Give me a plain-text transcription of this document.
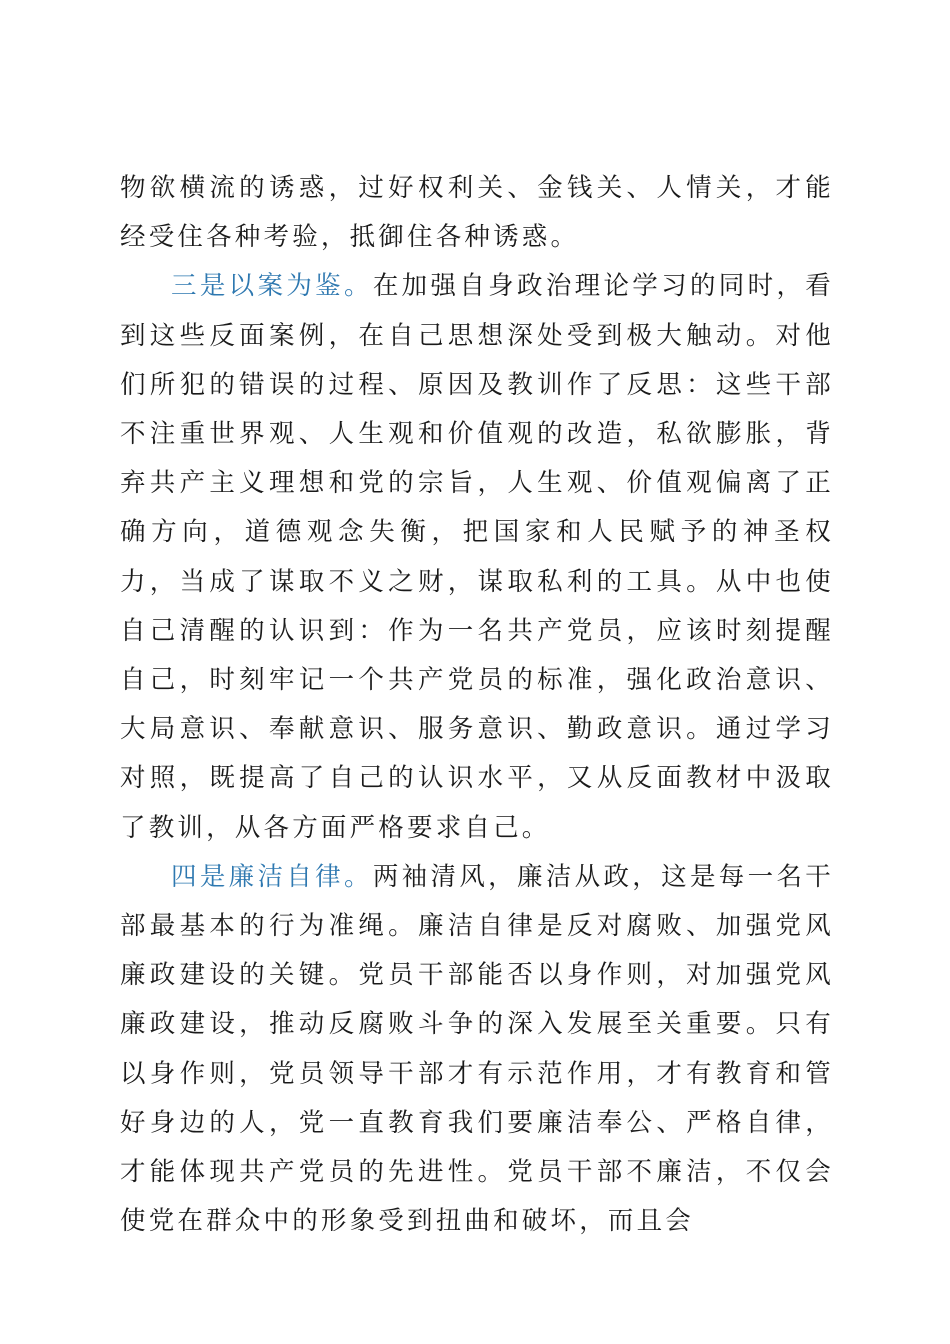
物欲横流的诱惑，过好权利关、金钱关、人情关，才能经受住各种考验，抵御住各种诱惑。

三是以案为鉴。在加强自身政治理论学习的同时，看到这些反面案例，在自己思想深处受到极大触动。对他们所犯的错误的过程、原因及教训作了反思：这些干部不注重世界观、人生观和价值观的改造，私欲膨胀，背弃共产主义理想和党的宗旨，人生观、价值观偏离了正确方向，道德观念失衡，把国家和人民赋予的神圣权力，当成了谋取不义之财，谋取私利的工具。从中也使自己清醒的认识到：作为一名共产党员，应该时刻提醒自己，时刻牢记一个共产党员的标准，强化政治意识、大局意识、奉献意识、服务意识、勤政意识。通过学习对照，既提高了自己的认识水平，又从反面教材中汲取了教训，从各方面严格要求自己。

四是廉洁自律。两袖清风，廉洁从政，这是每一名干部最基本的行为准绳。廉洁自律是反对腐败、加强党风廉政建设的关键。党员干部能否以身作则，对加强党风廉政建设，推动反腐败斗争的深入发展至关重要。只有以身作则，党员领导干部才有示范作用，才有教育和管好身边的人，党一直教育我们要廉洁奉公、严格自律，才能体现共产党员的先进性。党员干部不廉洁，不仅会使党在群众中的形象受到扭曲和破坏，而且会
